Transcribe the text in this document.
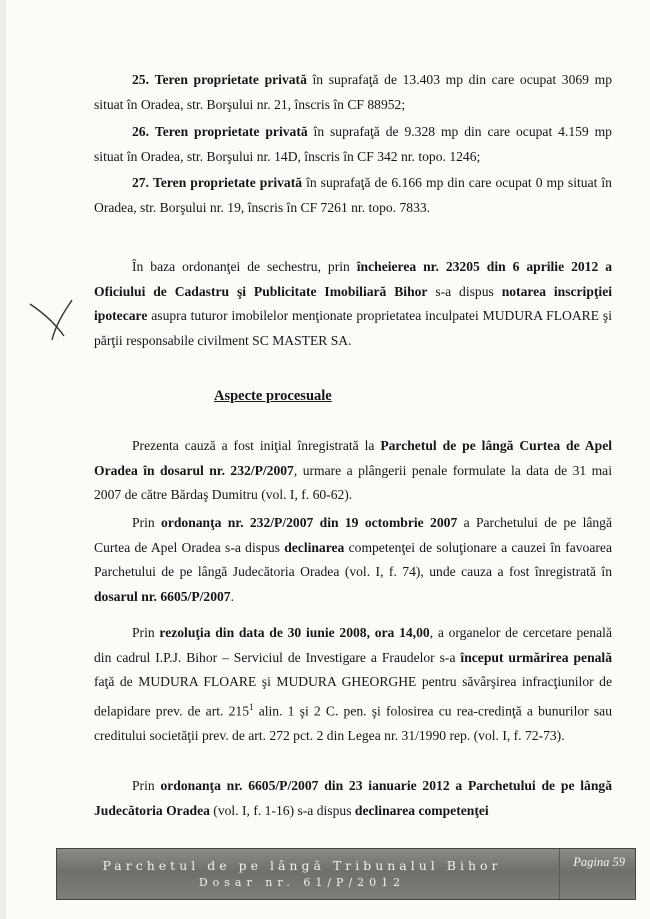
25. Teren proprietate privată în suprafaţă de 13.403 mp din care ocupat 3069 mp situat în Oradea, str. Borşului nr. 21, înscris în CF 88952;

26. Teren proprietate privată în suprafaţă de 9.328 mp din care ocupat 4.159 mp situat în Oradea, str. Borşului nr. 14D, înscris în CF 342 nr. topo. 1246;

27. Teren proprietate privată în suprafaţă de 6.166 mp din care ocupat 0 mp situat în Oradea, str. Borşului nr. 19, înscris în CF 7261 nr. topo. 7833.

În baza ordonanţei de sechestru, prin încheierea nr. 23205 din 6 aprilie 2012 a Oficiului de Cadastru şi Publicitate Imobiliară Bihor s-a dispus notarea inscripţiei ipotecare asupra tuturor imobilelor menţionate proprietatea inculpatei MUDURA FLOARE şi părţii responsabile civilment SC MASTER SA.

Aspecte procesuale

Prezenta cauză a fost iniţial înregistrată la Parchetul de pe lângă Curtea de Apel Oradea în dosarul nr. 232/P/2007, urmare a plângerii penale formulate la data de 31 mai 2007 de către Bărdaş Dumitru (vol. I, f. 60-62).

Prin ordonanţa nr. 232/P/2007 din 19 octombrie 2007 a Parchetului de pe lângă Curtea de Apel Oradea s-a dispus declinarea competenţei de soluţionare a cauzei în favoarea Parchetului de pe lângă Judecătoria Oradea (vol. I, f. 74), unde cauza a fost înregistrată în dosarul nr. 6605/P/2007.

Prin rezoluţia din data de 30 iunie 2008, ora 14,00, a organelor de cercetare penală din cadrul I.P.J. Bihor – Serviciul de Investigare a Fraudelor s-a început urmărirea penală faţă de MUDURA FLOARE şi MUDURA GHEORGHE pentru săvârşirea infracţiunilor de delapidare prev. de art. $215^1$ alin. 1 şi 2 C. pen. şi folosirea cu rea-credinţă a bunurilor sau creditului societăţii prev. de art. 272 pct. 2 din Legea nr. 31/1990 rep. (vol. I, f. 72-73).

Prin ordonanţa nr. 6605/P/2007 din 23 ianuarie 2012 a Parchetului de pe lângă Judecătoria Oradea (vol. I, f. 1-16) s-a dispus declinarea competenţei

Parchetul de pe lângă Tribunalul Bihor
Dosar nr. 61/P/2012
Pagina 59
